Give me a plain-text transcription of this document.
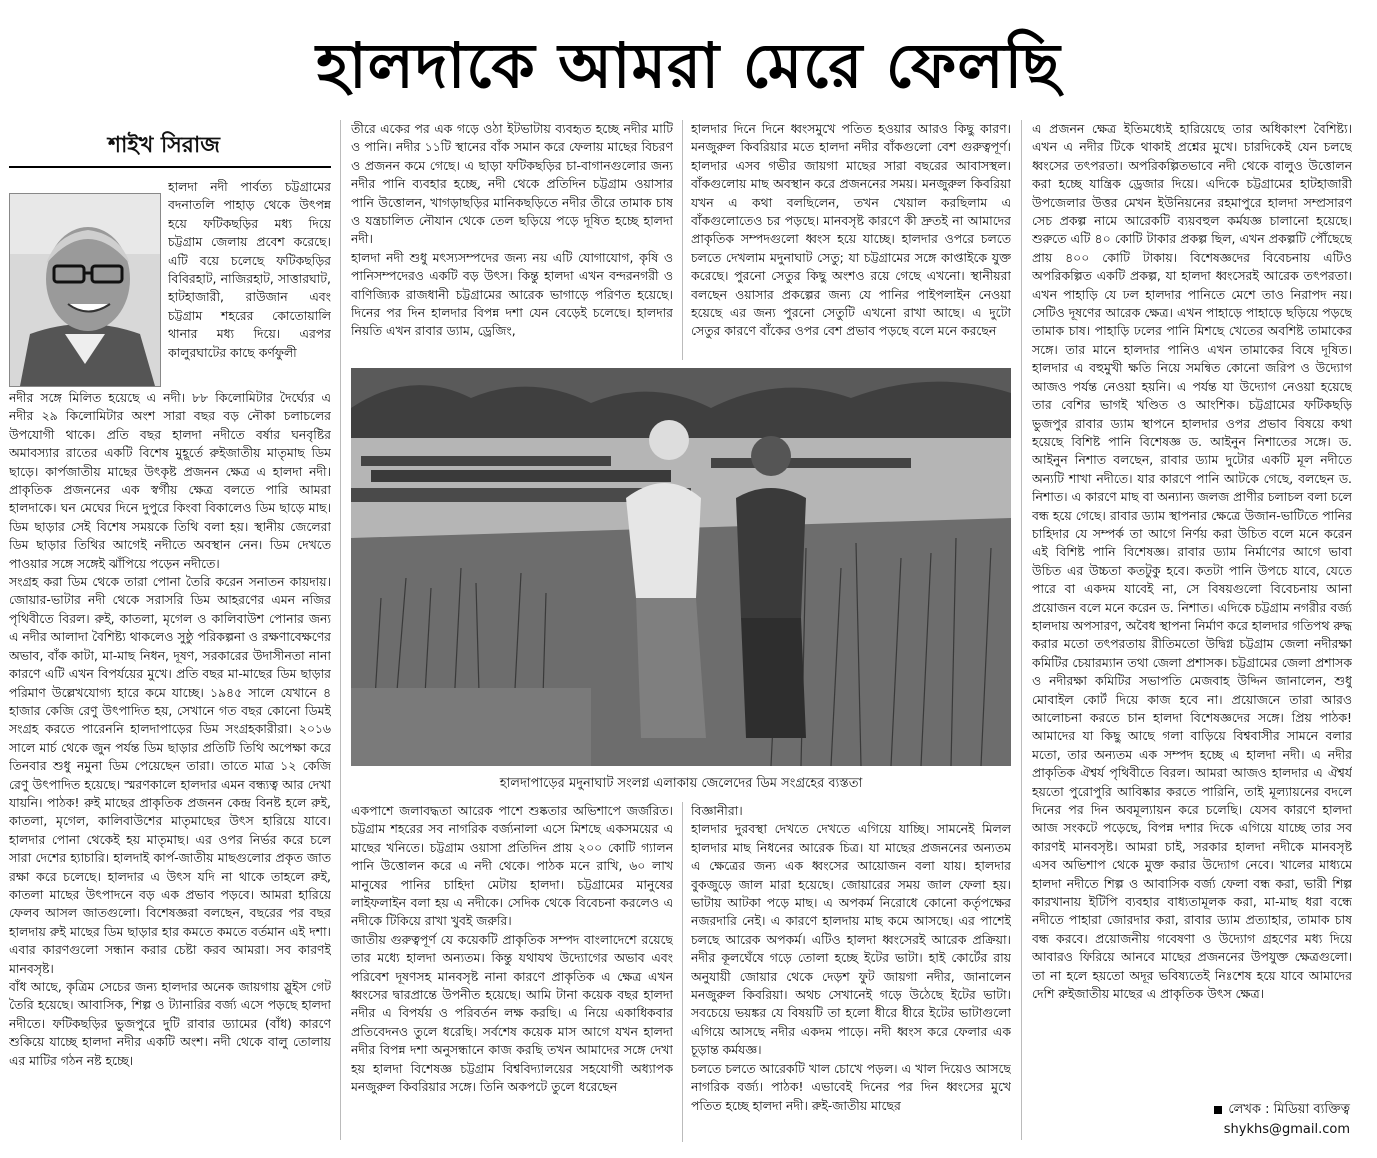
হালদাকে আমরা মেরে ফেলছি
শাইখ সিরাজ

হালদা নদী পার্বত্য চট্টগ্রামের বদনাতলি পাহাড় থেকে উৎপন্ন হয়ে ফটিকছড়ির মধ্য দিয়ে চট্টগ্রাম জেলায় প্রবেশ করেছে। এটি বয়ে চলেছে ফটিকছড়ির বিবিরহাট, নাজিরহাট, সাত্তারঘাট, হাটহাজারী, রাউজান এবং চট্টগ্রাম শহরের কোতোয়ালি থানার মধ্য দিয়ে। এরপর কালুরঘাটের কাছে কর্ণফুলী

নদীর সঙ্গে মিলিত হয়েছে এ নদী। ৮৮ কিলোমিটার দৈর্ঘ্যের এ নদীর ২৯ কিলোমিটার অংশ সারা বছর বড় নৌকা চলাচলের উপযোগী থাকে। প্রতি বছর হালদা নদীতে বর্ষার ঘনবৃষ্টির অমাবস্যার রাতের একটি বিশেষ মুহূর্তে রুইজাতীয় মাতৃমাছ ডিম ছাড়ে। কার্পজাতীয় মাছের উৎকৃষ্ট প্রজনন ক্ষেত্র এ হালদা নদী। প্রাকৃতিক প্রজননের এক স্বর্গীয় ক্ষেত্র বলতে পারি আমরা হালদাকে। ঘন মেঘের দিনে দুপুরে কিংবা বিকালেও ডিম ছাড়ে মাছ। ডিম ছাড়ার সেই বিশেষ সময়কে তিথি বলা হয়। স্থানীয় জেলেরা ডিম ছাড়ার তিথির আগেই নদীতে অবস্থান নেন। ডিম দেখতে পাওয়ার সঙ্গে সঙ্গেই ঝাঁপিয়ে পড়েন নদীতে।

সংগ্রহ করা ডিম থেকে তারা পোনা তৈরি করেন সনাতন কায়দায়। জোয়ার-ভাটার নদী থেকে সরাসরি ডিম আহরণের এমন নজির পৃথিবীতে বিরল। রুই, কাতলা, মৃগেল ও কালিবাউশ পোনার জন্য এ নদীর আলাদা বৈশিষ্ট্য থাকলেও সুষ্ঠু পরিকল্পনা ও রক্ষণাবেক্ষণের অভাব, বাঁক কাটা, মা-মাছ নিধন, দূষণ, সরকারের উদাসীনতা নানা কারণে এটি এখন বিপর্যয়ের মুখে। প্রতি বছর মা-মাছের ডিম ছাড়ার পরিমাণ উল্লেখযোগ্য হারে কমে যাচ্ছে। ১৯৪৫ সালে যেখানে ৪ হাজার কেজি রেণু উৎপাদিত হয়, সেখানে গত বছর কোনো ডিমই সংগ্রহ করতে পারেননি হালদাপাড়ের ডিম সংগ্রহকারীরা। ২০১৬ সালে মার্চ থেকে জুন পর্যন্ত ডিম ছাড়ার প্রতিটি তিথি অপেক্ষা করে তিনবার শুধু নমুনা ডিম পেয়েছেন তারা। তাতে মাত্র ১২ কেজি রেণু উৎপাদিত হয়েছে। স্মরণকালে হালদার এমন বন্ধ্যত্ব আর দেখা যায়নি। পাঠক! রুই মাছের প্রাকৃতিক প্রজনন কেন্দ্র বিনষ্ট হলে রুই, কাতলা, মৃগেল, কালিবাউশের মাতৃমাছের উৎস হারিয়ে যাবে। হালদার পোনা থেকেই হয় মাতৃমাছ। এর ওপর নির্ভর করে চলে সারা দেশের হ্যাচারি। হালদাই কার্প-জাতীয় মাছগুলোর প্রকৃত জাত রক্ষা করে চলেছে। হালদার এ উৎস যদি না থাকে তাহলে রুই, কাতলা মাছের উৎপাদনে বড় এক প্রভাব পড়বে। আমরা হারিয়ে ফেলব আসল জাতগুলো। বিশেষজ্ঞরা বলছেন, বছরের পর বছর হালদায় রুই মাছের ডিম ছাড়ার হার কমতে কমতে বর্তমান এই দশা। এবার কারণগুলো সন্ধান করার চেষ্টা করব আমরা। সব কারণই মানবসৃষ্ট।

বাঁধ আছে, কৃত্রিম সেচের জন্য হালদার অনেক জায়গায় স্লুইস গেট তৈরি হয়েছে। আবাসিক, শিল্প ও ট্যানারির বর্জ্য এসে পড়ছে হালদা নদীতে। ফটিকছড়ির ভুজপুরে দুটি রাবার ড্যামের (বাঁধ) কারণে শুকিয়ে যাচ্ছে হালদা নদীর একটি অংশ। নদী থেকে বালু তোলায় এর মাটির গঠন নষ্ট হচ্ছে।

তীরে একের পর এক গড়ে ওঠা ইটভাটায় ব্যবহৃত হচ্ছে নদীর মাটি ও পানি। নদীর ১১টি স্থানের বাঁক সমান করে ফেলায় মাছের বিচরণ ও প্রজনন কমে গেছে। এ ছাড়া ফটিকছড়ির চা-বাগানগুলোর জন্য নদীর পানি ব্যবহার হচ্ছে, নদী থেকে প্রতিদিন চট্টগ্রাম ওয়াসার পানি উত্তোলন, খাগড়াছড়ির মানিকছড়িতে নদীর তীরে তামাক চাষ ও যন্ত্রচালিত নৌযান থেকে তেল ছড়িয়ে পড়ে দূষিত হচ্ছে হালদা নদী।

হালদা নদী শুধু মৎস্যসম্পদের জন্য নয় এটি যোগাযোগ, কৃষি ও পানিসম্পদেরও একটি বড় উৎস। কিন্তু হালদা এখন বন্দরনগরী ও বাণিজ্যিক রাজধানী চট্টগ্রামের আরেক ভাগাড়ে পরিণত হয়েছে। দিনের পর দিন হালদার বিপন্ন দশা যেন বেড়েই চলেছে। হালদার নিয়তি এখন রাবার ড্যাম, ড্রেজিং,

হালদার দিনে দিনে ধ্বংসমুখে পতিত হওয়ার আরও কিছু কারণ। মনজুরুল কিবরিয়ার মতে হালদা নদীর বাঁকগুলো বেশ গুরুত্বপূর্ণ। হালদার এসব গভীর জায়গা মাছের সারা বছরের আবাসস্থল। বাঁকগুলোয় মাছ অবস্থান করে প্রজননের সময়। মনজুরুল কিবরিয়া যখন এ কথা বলছিলেন, তখন খেয়াল করছিলাম এ বাঁকগুলোতেও চর পড়ছে। মানবসৃষ্ট কারণে কী দ্রুতই না আমাদের প্রাকৃতিক সম্পদগুলো ধ্বংস হয়ে যাচ্ছে। হালদার ওপরে চলতে চলতে দেখলাম মদুনাঘাট সেতু; যা চট্টগ্রামের সঙ্গে কাপ্তাইকে যুক্ত করেছে। পুরনো সেতুর কিছু অংশও রয়ে গেছে এখনো। স্থানীয়রা বলছেন ওয়াসার প্রকল্পের জন্য যে পানির পাইপলাইন নেওয়া হয়েছে এর জন্য পুরনো সেতুটি এখনো রাখা আছে। এ দুটো সেতুর কারণে বাঁকের ওপর বেশ প্রভাব পড়ছে বলে মনে করছেন

হালদাপাড়ের মদুনাঘাট সংলগ্ন এলাকায় জেলেদের ডিম সংগ্রহের ব্যস্ততা

একপাশে জলাবদ্ধতা আরেক পাশে শুষ্কতার অভিশাপে জর্জরিত। চট্টগ্রাম শহরের সব নাগরিক বর্জ্যনালা এসে মিশছে একসময়ের এ মাছের খনিতে। চট্টগ্রাম ওয়াসা প্রতিদিন প্রায় ২০০ কোটি গ্যালন পানি উত্তোলন করে এ নদী থেকে। পাঠক মনে রাখি, ৬০ লাখ মানুষের পানির চাহিদা মেটায় হালদা। চট্টগ্রামের মানুষের লাইফলাইন বলা হয় এ নদীকে। সেদিক থেকে বিবেচনা করলেও এ নদীকে টিকিয়ে রাখা খুবই জরুরি।

জাতীয় গুরুত্বপূর্ণ যে কয়েকটি প্রাকৃতিক সম্পদ বাংলাদেশে রয়েছে তার মধ্যে হালদা অন্যতম। কিন্তু যথাযথ উদ্যোগের অভাব এবং পরিবেশ দূষণসহ মানবসৃষ্ট নানা কারণে প্রাকৃতিক এ ক্ষেত্র এখন ধ্বংসের দ্বারপ্রান্তে উপনীত হয়েছে। আমি টানা কয়েক বছর হালদা নদীর এ বিপর্যয় ও পরিবর্তন লক্ষ করছি। এ নিয়ে একাধিকবার প্রতিবেদনও তুলে ধরেছি। সর্বশেষ কয়েক মাস আগে যখন হালদা নদীর বিপন্ন দশা অনুসন্ধানে কাজ করছি তখন আমাদের সঙ্গে দেখা হয় হালদা বিশেষজ্ঞ চট্টগ্রাম বিশ্ববিদ্যালয়ের সহযোগী অধ্যাপক মনজুরুল কিবরিয়ার সঙ্গে। তিনি অকপটে তুলে ধরেছেন

বিজ্ঞানীরা।

হালদার দুরবস্থা দেখতে দেখতে এগিয়ে যাচ্ছি। সামনেই মিলল হালদার মাছ নিধনের আরেক চিত্র। যা মাছের প্রজননের অন্যতম এ ক্ষেত্রের জন্য এক ধ্বংসের আয়োজন বলা যায়। হালদার বুকজুড়ে জাল মারা হয়েছে। জোয়ারের সময় জাল ফেলা হয়। ভাটায় আটকা পড়ে মাছ। এ অপকর্ম নিরোধে কোনো কর্তৃপক্ষের নজরদারি নেই। এ কারণে হালদায় মাছ কমে আসছে। এর পাশেই চলছে আরেক অপকর্ম। এটিও হালদা ধ্বংসেরই আরেক প্রক্রিয়া। নদীর কূলঘেঁষে গড়ে তোলা হচ্ছে ইটের ভাটা। হাই কোর্টের রায় অনুযায়ী জোয়ার থেকে দেড়শ ফুট জায়গা নদীর, জানালেন মনজুরুল কিবরিয়া। অথচ সেখানেই গড়ে উঠেছে ইটের ভাটা। সবচেয়ে ভয়ঙ্কর যে বিষয়টি তা হলো ধীরে ধীরে ইটের ভাটাগুলো এগিয়ে আসছে নদীর একদম পাড়ে। নদী ধ্বংস করে ফেলার এক চূড়ান্ত কর্মযজ্ঞ।

চলতে চলতে আরেকটি খাল চোখে পড়ল। এ খাল দিয়েও আসছে নাগরিক বর্জ্য। পাঠক! এভাবেই দিনের পর দিন ধ্বংসের মুখে পতিত হচ্ছে হালদা নদী। রুই-জাতীয় মাছের

এ প্রজনন ক্ষেত্র ইতিমধ্যেই হারিয়েছে তার অধিকাংশ বৈশিষ্ট্য। এখন এ নদীর টিকে থাকাই প্রশ্নের মুখে। চারদিকেই যেন চলছে ধ্বংসের তৎপরতা। অপরিকল্পিতভাবে নদী থেকে বালুও উত্তোলন করা হচ্ছে যান্ত্রিক ড্রেজার দিয়ে। এদিকে চট্টগ্রামের হাটহাজারী উপজেলার উত্তর মেখন ইউনিয়নের রহমাপুরে হালদা সম্প্রসারণ সেচ প্রকল্প নামে আরেকটি ব্যয়বহুল কর্মযজ্ঞ চালানো হয়েছে। শুরুতে এটি ৪০ কোটি টাকার প্রকল্প ছিল, এখন প্রকল্পটি পৌঁছেছে প্রায় ৪০০ কোটি টাকায়। বিশেষজ্ঞদের বিবেচনায় এটিও অপরিকল্পিত একটি প্রকল্প, যা হালদা ধ্বংসেরই আরেক তৎপরতা। এখন পাহাড়ি যে ঢল হালদার পানিতে মেশে তাও নিরাপদ নয়। সেটিও দূষণের আরেক ক্ষেত্র। এখন পাহাড়ে পাহাড়ে ছড়িয়ে পড়ছে তামাক চাষ। পাহাড়ি ঢলের পানি মিশছে খেতের অবশিষ্ট তামাকের সঙ্গে। তার মানে হালদার পানিও এখন তামাকের বিষে দূষিত। হালদার এ বহুমুখী ক্ষতি নিয়ে সমন্বিত কোনো জরিপ ও উদ্যোগ আজও পর্যন্ত নেওয়া হয়নি। এ পর্যন্ত যা উদ্যোগ নেওয়া হয়েছে তার বেশির ভাগই খণ্ডিত ও আংশিক। চট্টগ্রামের ফটিকছড়ি ভুজপুর রাবার ড্যাম স্থাপনে হালদার ওপর প্রভাব বিষয়ে কথা হয়েছে বিশিষ্ট পানি বিশেষজ্ঞ ড. আইনুন নিশাতের সঙ্গে। ড. আইনুন নিশাত বলছেন, রাবার ড্যাম দুটোর একটি মূল নদীতে অন্যটি শাখা নদীতে। যার কারণে পানি আটকে গেছে, বলছেন ড. নিশাত। এ কারণে মাছ বা অন্যান্য জলজ প্রাণীর চলাচল বলা চলে বন্ধ হয়ে গেছে। রাবার ড্যাম স্থাপনার ক্ষেত্রে উজান-ভাটিতে পানির চাহিদার যে সম্পর্ক তা আগে নির্ণয় করা উচিত বলে মনে করেন এই বিশিষ্ট পানি বিশেষজ্ঞ। রাবার ড্যাম নির্মাণের আগে ভাবা উচিত এর উচ্চতা কতটুকু হবে। কতটা পানি উপচে যাবে, যেতে পারে বা একদম যাবেই না, সে বিষয়গুলো বিবেচনায় আনা প্রয়োজন বলে মনে করেন ড. নিশাত। এদিকে চট্টগ্রাম নগরীর বর্জ্য হালদায় অপসারণ, অবৈধ স্থাপনা নির্মাণ করে হালদার গতিপথ রুদ্ধ করার মতো তৎপরতায় রীতিমতো উদ্বিগ্ন চট্টগ্রাম জেলা নদীরক্ষা কমিটির চেয়ারম্যান তথা জেলা প্রশাসক। চট্টগ্রামের জেলা প্রশাসক ও নদীরক্ষা কমিটির সভাপতি মেজবাহ উদ্দিন জানালেন, শুধু মোবাইল কোর্ট দিয়ে কাজ হবে না। প্রয়োজনে তারা আরও আলোচনা করতে চান হালদা বিশেষজ্ঞদের সঙ্গে। প্রিয় পাঠক! আমাদের যা কিছু আছে গলা বাড়িয়ে বিশ্ববাসীর সামনে বলার মতো, তার অন্যতম এক সম্পদ হচ্ছে এ হালদা নদী। এ নদীর প্রাকৃতিক ঐশ্বর্য পৃথিবীতে বিরল। আমরা আজও হালদার এ ঐশ্বর্য হয়তো পুরোপুরি আবিষ্কার করতে পারিনি, তাই মূল্যায়নের বদলে দিনের পর দিন অবমূল্যায়ন করে চলেছি। যেসব কারণে হালদা আজ সংকটে পড়েছে, বিপন্ন দশার দিকে এগিয়ে যাচ্ছে তার সব কারণই মানবসৃষ্ট। আমরা চাই, সরকার হালদা নদীকে মানবসৃষ্ট এসব অভিশাপ থেকে মুক্ত করার উদ্যোগ নেবে। খালের মাধ্যমে হালদা নদীতে শিল্প ও আবাসিক বর্জ্য ফেলা বন্ধ করা, ভারী শিল্প কারখানায় ইটিপি ব্যবহার বাধ্যতামূলক করা, মা-মাছ ধরা বন্ধে নদীতে পাহারা জোরদার করা, রাবার ড্যাম প্রত্যাহার, তামাক চাষ বন্ধ করবে। প্রয়োজনীয় গবেষণা ও উদ্যোগ গ্রহণের মধ্য দিয়ে আবারও ফিরিয়ে আনবে মাছের প্রজননের উপযুক্ত ক্ষেত্রগুলো। তা না হলে হয়তো অদূর ভবিষ্যতেই নিঃশেষ হয়ে যাবে আমাদের দেশি রুইজাতীয় মাছের এ প্রাকৃতিক উৎস ক্ষেত্র।

লেখক : মিডিয়া ব্যক্তিত্ব
shykhs@gmail.com
